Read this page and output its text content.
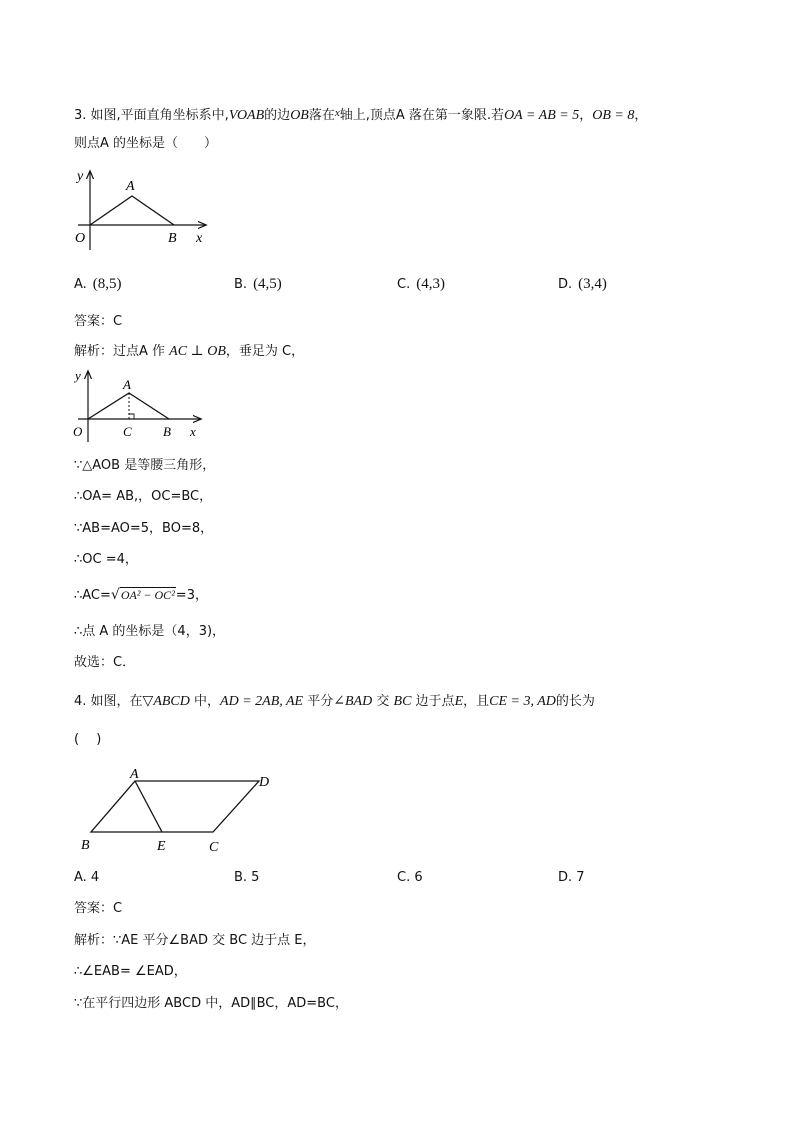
3. 如图,平面直角坐标系中,VOAB的边OB落在$^x$轴上,顶点A 落在第一象限.若OA = AB = 5，OB = 8，
则点A 的坐标是（　　）
y
A
O	B x
A. (8,5)	B. (4,5)	C. (4,3)	D. (3,4)
答案：C
解析：过点A 作 AC ⊥ OB，垂足为 C，
y
A
O	C B x
∵△AOB 是等腰三角形，
∴OA= AB,，OC=BC，
∵AB=AO=5，BO=8，
∴OC =4，
∴AC=√OA² − OC²=3，
∴点 A 的坐标是（4，3)，
故选：C．
4. 如图，在▽ABCD 中，AD = 2AB, AE 平分∠BAD 交 BC 边于点E，且CE = 3, AD的长为
(　 )
A
D
B	E	C
A. 4	B. 5	C. 6	D. 7
答案：C
解析：∵AE 平分∠BAD 交 BC 边于点 E，
∴∠EAB= ∠EAD，
∵在平行四边形 ABCD 中，AD∥BC，AD=BC，
